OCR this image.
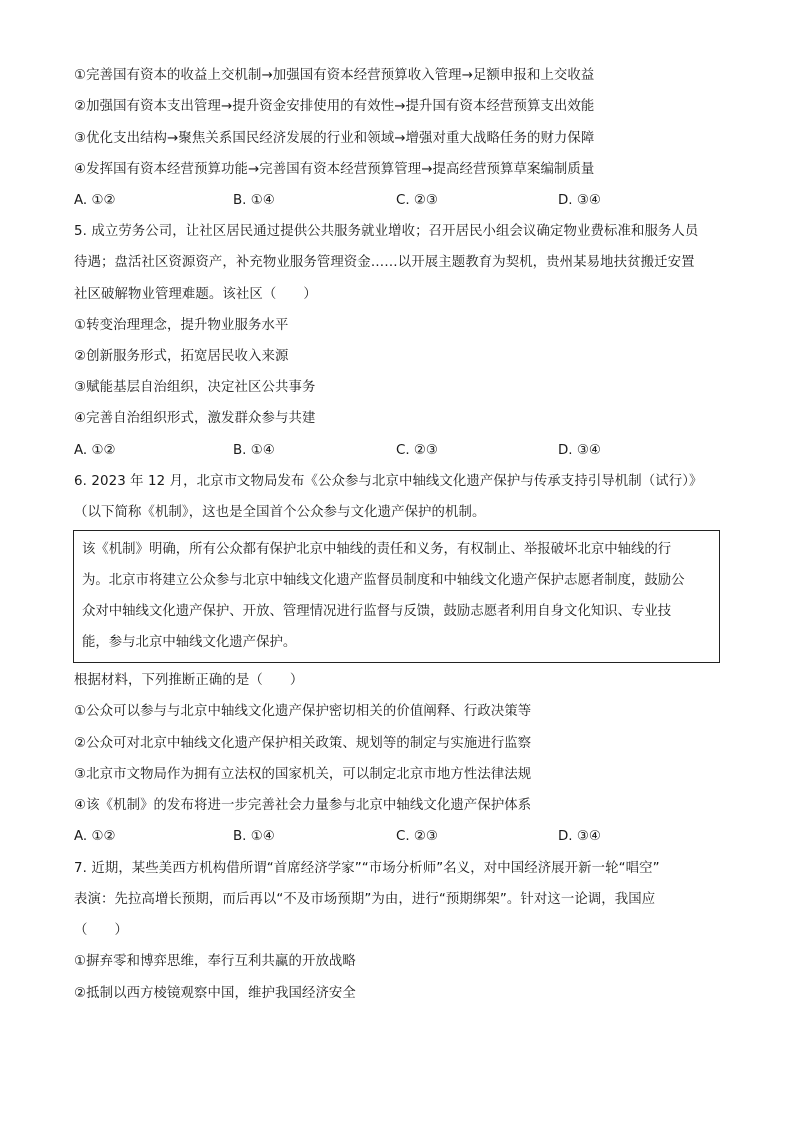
①完善国有资本的收益上交机制→加强国有资本经营预算收入管理→足额申报和上交收益
②加强国有资本支出管理→提升资金安排使用的有效性→提升国有资本经营预算支出效能
③优化支出结构→聚焦关系国民经济发展的行业和领域→增强对重大战略任务的财力保障
④发挥国有资本经营预算功能→完善国有资本经营预算管理→提高经营预算草案编制质量
A. ①②	B. ①④	C. ②③	D. ③④
5. 成立劳务公司，让社区居民通过提供公共服务就业增收；召开居民小组会议确定物业费标准和服务人员
待遇；盘活社区资源资产，补充物业服务管理资金……以开展主题教育为契机，贵州某易地扶贫搬迁安置
社区破解物业管理难题。该社区（　　）
①转变治理理念，提升物业服务水平
②创新服务形式，拓宽居民收入来源
③赋能基层自治组织，决定社区公共事务
④完善自治组织形式，激发群众参与共建
A. ①②	B. ①④	C. ②③	D. ③④
6. 2023 年 12 月，北京市文物局发布《公众参与北京中轴线文化遗产保护与传承支持引导机制（试行）》
（以下简称《机制》，这也是全国首个公众参与文化遗产保护的机制。
该《机制》明确，所有公众都有保护北京中轴线的责任和义务，有权制止、举报破坏北京中轴线的行
为。北京市将建立公众参与北京中轴线文化遗产监督员制度和中轴线文化遗产保护志愿者制度，鼓励公
众对中轴线文化遗产保护、开放、管理情况进行监督与反馈，鼓励志愿者利用自身文化知识、专业技
能，参与北京中轴线文化遗产保护。
根据材料，下列推断正确的是（　　）
①公众可以参与与北京中轴线文化遗产保护密切相关的价值阐释、行政决策等
②公众可对北京中轴线文化遗产保护相关政策、规划等的制定与实施进行监察
③北京市文物局作为拥有立法权的国家机关，可以制定北京市地方性法律法规
④该《机制》的发布将进一步完善社会力量参与北京中轴线文化遗产保护体系
A. ①②	B. ①④	C. ②③	D. ③④
7. 近期，某些美西方机构借所谓“首席经济学家”“市场分析师”名义，对中国经济展开新一轮“唱空”
表演：先拉高增长预期，而后再以“不及市场预期”为由，进行“预期绑架”。针对这一论调，我国应
（　　）
①摒弃零和博弈思维，奉行互利共赢的开放战略
②抵制以西方棱镜观察中国，维护我国经济安全
